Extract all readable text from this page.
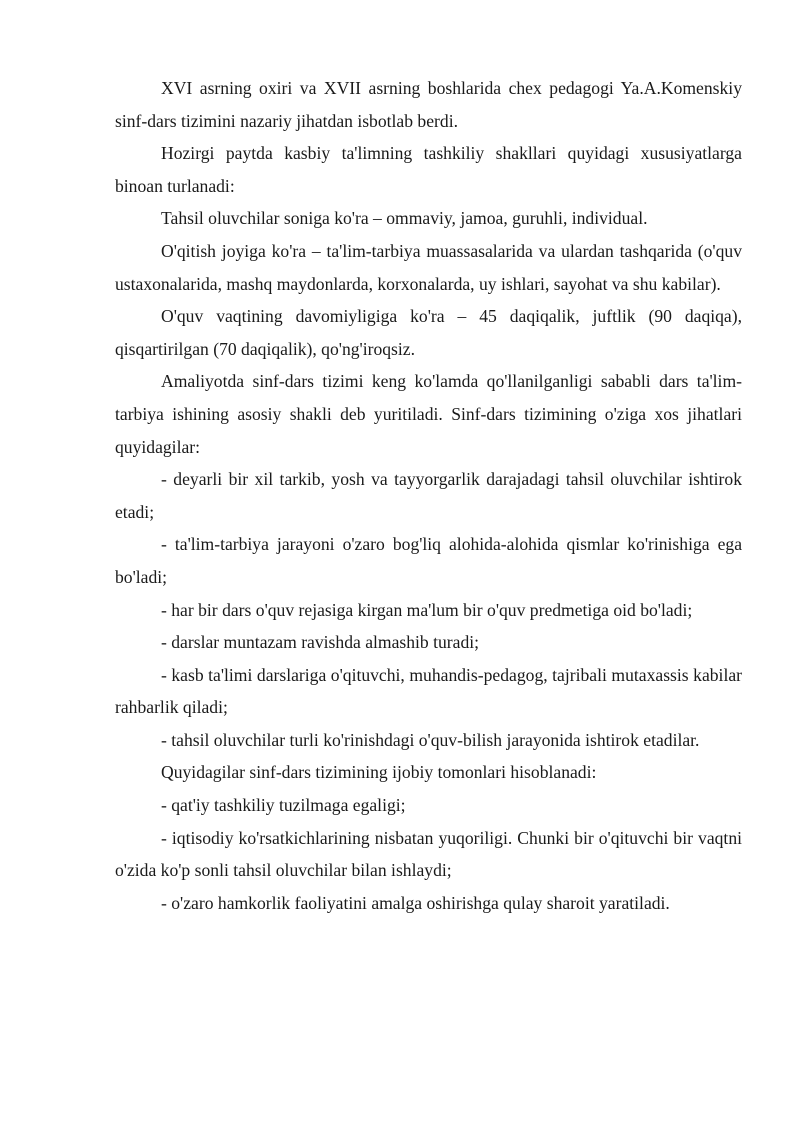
XVI asrning oxiri va XVII asrning boshlarida chex pedagogi Ya.A.Komenskiy sinf-dars tizimini nazariy jihatdan isbotlab berdi.

Hozirgi paytda kasbiy ta'limning tashkiliy shakllari quyidagi xususiyatlarga binoan turlanadi:

Tahsil oluvchilar soniga ko'ra – ommaviy, jamoa, guruhli, individual.

O'qitish joyiga ko'ra – ta'lim-tarbiya muassasalarida va ulardan tashqarida (o'quv ustaxonalarida, mashq maydonlarda, korxonalarda, uy ishlari, sayohat va shu kabilar).

O'quv vaqtining davomiyligiga ko'ra – 45 daqiqalik, juftlik (90 daqiqa), qisqartirilgan (70 daqiqalik), qo'ng'iroqsiz.

Amaliyotda sinf-dars tizimi keng ko'lamda qo'llanilganligi sababli dars ta'lim-tarbiya ishining asosiy shakli deb yuritiladi. Sinf-dars tizimining o'ziga xos jihatlari quyidagilar:

- deyarli bir xil tarkib, yosh va tayyorgarlik darajadagi tahsil oluvchilar ishtirok etadi;

- ta'lim-tarbiya jarayoni o'zaro bog'liq alohida-alohida qismlar ko'rinishiga ega bo'ladi;

- har bir dars o'quv rejasiga kirgan ma'lum bir o'quv predmetiga oid bo'ladi;

- darslar muntazam ravishda almashib turadi;

- kasb ta'limi darslariga o'qituvchi, muhandis-pedagog, tajribali mutaxassis kabilar rahbarlik qiladi;

- tahsil oluvchilar turli ko'rinishdagi o'quv-bilish jarayonida ishtirok etadilar.

Quyidagilar sinf-dars tizimining ijobiy tomonlari hisoblanadi:

- qat'iy tashkiliy tuzilmaga egaligi;

- iqtisodiy ko'rsatkichlarining nisbatan yuqoriligi. Chunki bir o'qituvchi bir vaqtni o'zida ko'p sonli tahsil oluvchilar bilan ishlaydi;

- o'zaro hamkorlik faoliyatini amalga oshirishga qulay sharoit yaratiladi.
